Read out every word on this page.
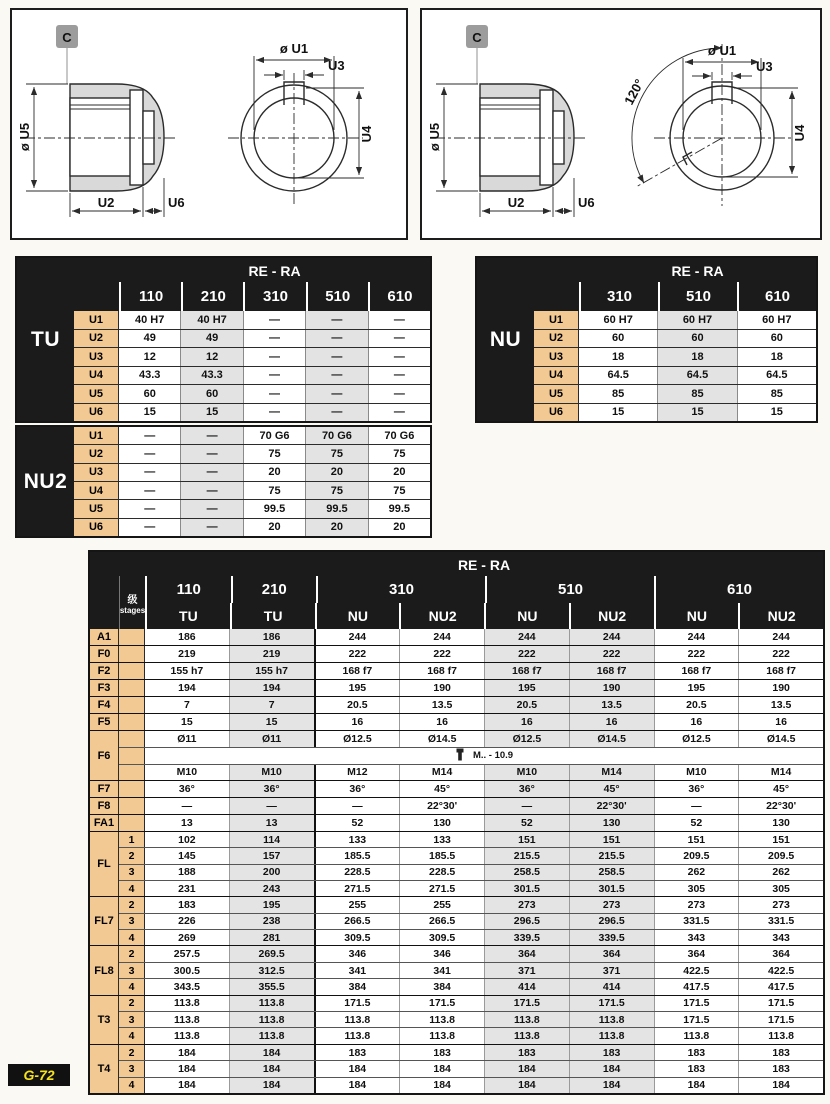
C
ø U5
U2	U6
ø U1
U3
U4
C
ø U5
U2	U6
120°
ø U1
U3
U4
TU
RE - RA
110	210	310	510	610
U1	40 H7	40 H7	—	—	—
U2	49	49	—	—	—
U3	12	12	—	—	—
U4	43.3	43.3	—	—	—
U5	60	60	—	—	—
U6	15	15	—	—	—
NU
RE - RA
310	510	610
U1	60 H7	60 H7	60 H7
U2	60	60	60
U3	18	18	18
U4	64.5	64.5	64.5
U5	85	85	85
U6	15	15	15
NU2
U1	—	—	70 G6	70 G6	70 G6
U2	—	—	75	75	75
U3	—	—	20	20	20
U4	—	—	75	75	75
U5	—	—	99.5	99.5	99.5
U6	—	—	20	20	20
RE - RA
110	210	310	510	610
TU	TU	NU	NU2	NU	NU2	NU	NU2
级
stages
A1	186	186	244	244	244	244	244	244
F0	219	219	222	222	222	222	222	222
F2	155 h7	155 h7	168 f7	168 f7	168 f7	168 f7	168 f7	168 f7
F3	194	194	195	190	195	190	195	190
F4	7	7	20.5	13.5	20.5	13.5	20.5	13.5
F5	15	15	16	16	16	16	16	16
F6
Ø11	Ø11	Ø12.5	Ø14.5	Ø12.5	Ø14.5	Ø12.5	Ø14.5
M.. - 10.9
M10	M10	M12	M14	M10	M14	M10	M14
F7	36°	36°	36°	45°	36°	45°	36°	45°
F8	—	—	—	22°30'	—	22°30'	—	22°30'
FA1	13	13	52	130	52	130	52	130
FL
1	102	114	133	133	151	151	151	151
2	145	157	185.5	185.5	215.5	215.5	209.5	209.5
3	188	200	228.5	228.5	258.5	258.5	262	262
4	231	243	271.5	271.5	301.5	301.5	305	305
FL7
2	183	195	255	255	273	273	273	273
3	226	238	266.5	266.5	296.5	296.5	331.5	331.5
4	269	281	309.5	309.5	339.5	339.5	343	343
FL8
2	257.5	269.5	346	346	364	364	364	364
3	300.5	312.5	341	341	371	371	422.5	422.5
4	343.5	355.5	384	384	414	414	417.5	417.5
T3
2	113.8	113.8	171.5	171.5	171.5	171.5	171.5	171.5
3	113.8	113.8	113.8	113.8	113.8	113.8	171.5	171.5
4	113.8	113.8	113.8	113.8	113.8	113.8	113.8	113.8
T4
2	184	184	183	183	183	183	183	183
3	184	184	184	184	184	184	183	183
4	184	184	184	184	184	184	184	184
G-72
